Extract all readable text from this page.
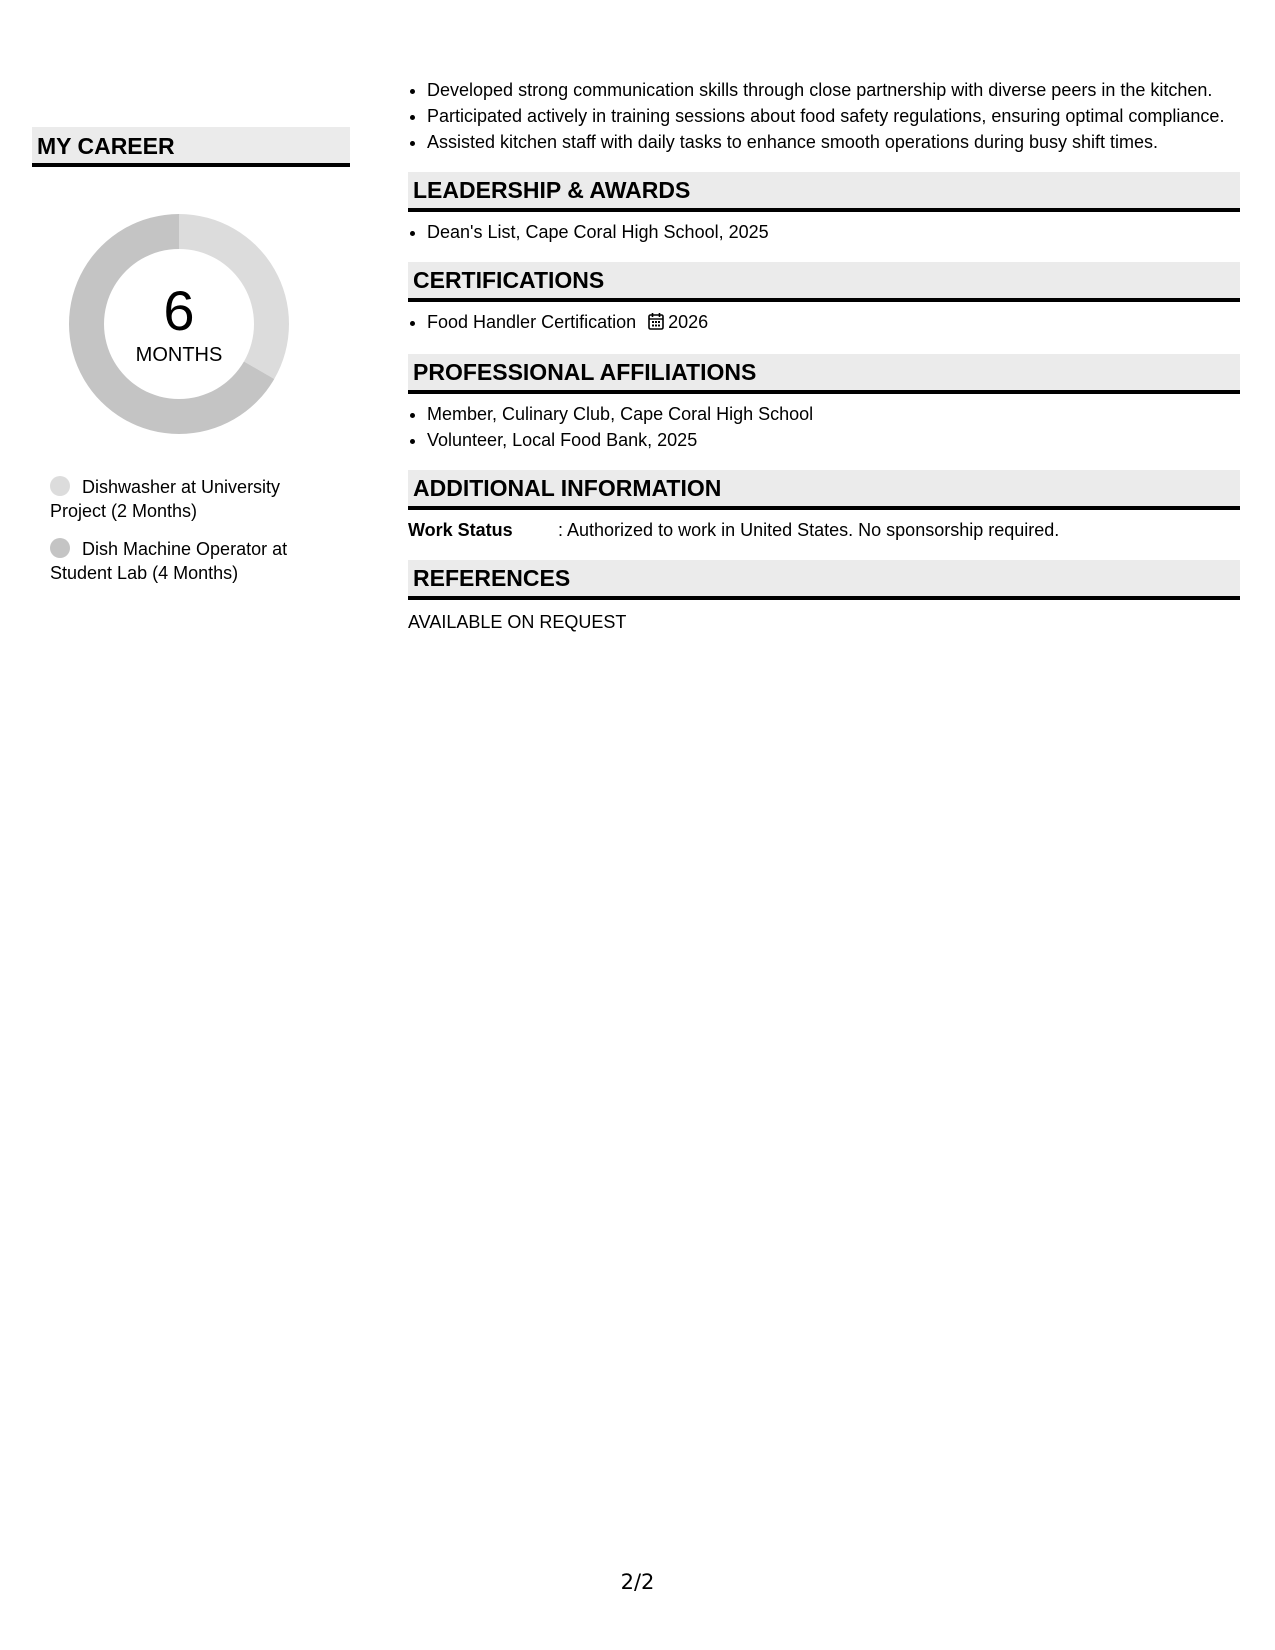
MY CAREER
6
MONTHS
Dishwasher at University Project (2 Months)
Dish Machine Operator at Student Lab (4 Months)
• Developed strong communication skills through close partnership with diverse peers in the kitchen.
• Participated actively in training sessions about food safety regulations, ensuring optimal compliance.
• Assisted kitchen staff with daily tasks to enhance smooth operations during busy shift times.
LEADERSHIP & AWARDS
• Dean's List, Cape Coral High School, 2025
CERTIFICATIONS
• Food Handler Certification 2026
PROFESSIONAL AFFILIATIONS
• Member, Culinary Club, Cape Coral High School
• Volunteer, Local Food Bank, 2025
ADDITIONAL INFORMATION
Work Status	: Authorized to work in United States. No sponsorship required.
REFERENCES
AVAILABLE ON REQUEST
2/2
